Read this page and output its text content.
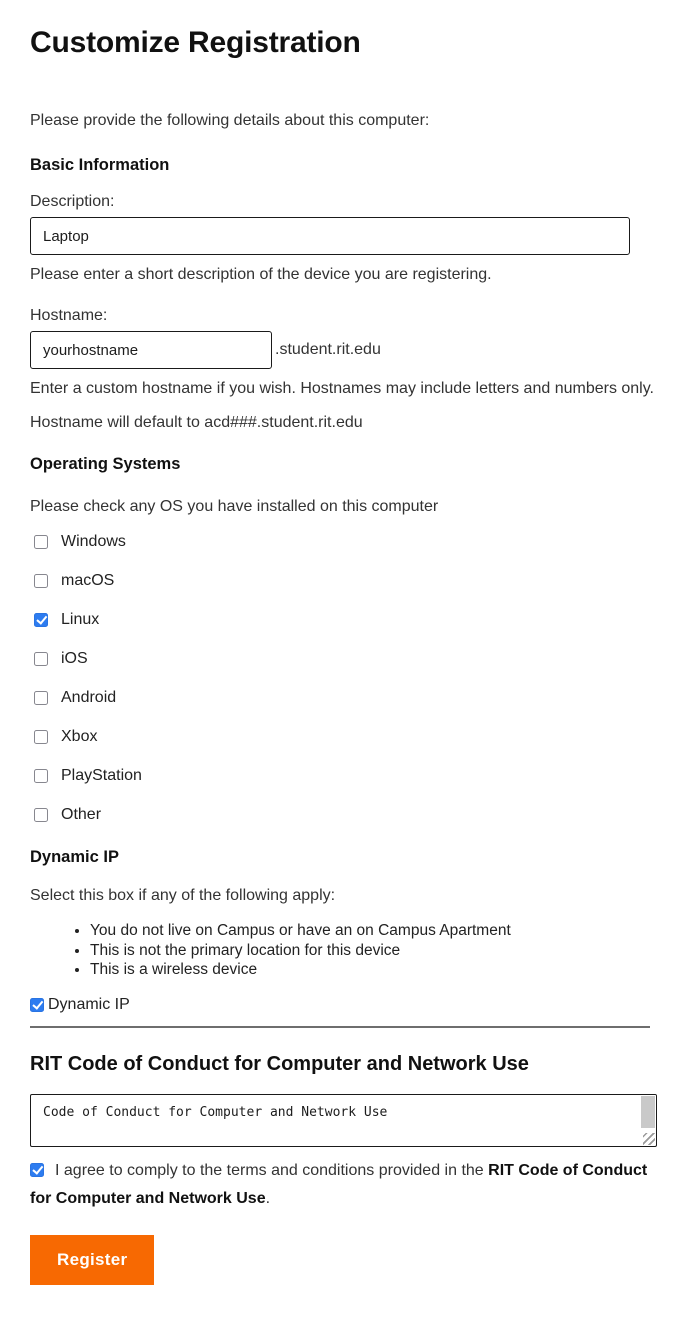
Customize Registration

Please provide the following details about this computer:

Basic Information
Description:
Laptop

Please enter a short description of the device you are registering.

Hostname:
yourhostname
.student.rit.edu

Enter a custom hostname if you wish. Hostnames may include letters and numbers only.

Hostname will default to acd###.student.rit.edu

Operating Systems

Please check any OS you have installed on this computer

Windows
macOS
Linux
iOS
Android
Xbox
PlayStation
Other
Dynamic IP

Select this box if any of the following apply:

• You do not live on Campus or have an on Campus Apartment
• This is not the primary location for this device
• This is a wireless device
Dynamic IP
RIT Code of Conduct for Computer and Network Use
Code of Conduct for Computer and Network Use
I agree to comply to the terms and conditions provided in the RIT Code of Conduct for Computer and Network Use.
Register
